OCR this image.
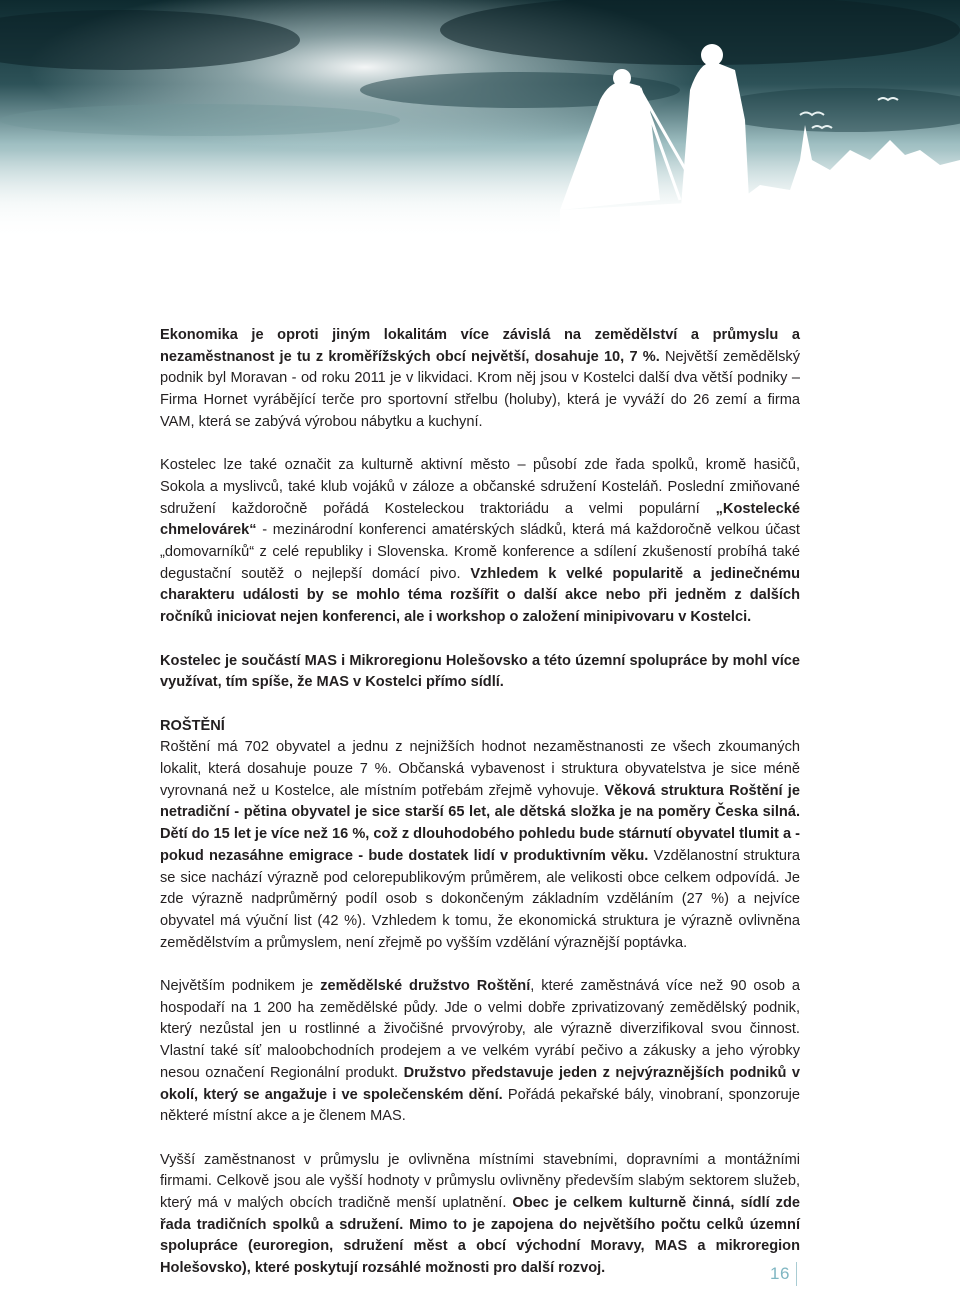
Ekonomika je oproti jiným lokalitám více závislá na zemědělství a průmyslu a nezaměstnanost je tu z kroměřížských obcí největší, dosahuje 10, 7 %. Největší zemědělský podnik byl Moravan - od roku 2011 je v likvidaci. Krom něj jsou v Kostelci další dva větší podniky – Firma Hornet vyrábějící terče pro sportovní střelbu (holuby), která je vyváží do 26 zemí a firma VAM, která se zabývá výrobou nábytku a kuchyní.

Kostelec lze také označit za kulturně aktivní město – působí zde řada spolků, kromě hasičů, Sokola a myslivců, také klub vojáků v záloze a občanské sdružení Kosteláň. Poslední zmiňované sdružení každoročně pořádá Kosteleckou traktoriádu a velmi populární „Kostelecké chmelovárek“ - mezinárodní konferenci amatérských sládků, která má každoročně velkou účast „domovarníků“ z celé republiky i Slovenska. Kromě konference a sdílení zkušeností probíhá také degustační soutěž o nejlepší domácí pivo. Vzhledem k velké popularitě a jedinečnému charakteru události by se mohlo téma rozšířit o další akce nebo při jedněm z dalších ročníků iniciovat nejen konferenci, ale i workshop o založení minipivovaru v Kostelci.

Kostelec je součástí MAS i Mikroregionu Holešovsko a této územní spolupráce by mohl více využívat, tím spíše, že MAS v Kostelci přímo sídlí.

ROŠTĚNÍ
Roštění má 702 obyvatel a jednu z nejnižších hodnot nezaměstnanosti ze všech zkoumaných lokalit, která dosahuje pouze 7 %. Občanská vybavenost i struktura obyvatelstva je sice méně vyrovnaná než u Kostelce, ale místním potřebám zřejmě vyhovuje. Věková struktura Roštění je netradiční - pětina obyvatel je sice starší 65 let, ale dětská složka je na poměry Česka silná. Dětí do 15 let je více než 16 %, což z dlouhodobého pohledu bude stárnutí obyvatel tlumit a - pokud nezasáhne emigrace - bude dostatek lidí v produktivním věku. Vzdělanostní struktura se sice nachází výrazně pod celorepublikovým průměrem, ale velikosti obce celkem odpovídá. Je zde výrazně nadprůměrný podíl osob s dokončeným základním vzděláním (27 %) a nejvíce obyvatel má výuční list (42 %). Vzhledem k tomu, že ekonomická struktura je výrazně ovlivněna zemědělstvím a průmyslem, není zřejmě po vyšším vzdělání výraznější poptávka.

Největším podnikem je zemědělské družstvo Roštění, které zaměstnává více než 90 osob a hospodaří na 1 200 ha zemědělské půdy. Jde o velmi dobře zprivatizovaný zemědělský podnik, který nezůstal jen u rostlinné a živočišné prvovýroby, ale výrazně diverzifikoval svou činnost. Vlastní také síť maloobchodních prodejem a ve velkém vyrábí pečivo a zákusky a jeho výrobky nesou označení Regionální produkt. Družstvo představuje jeden z nejvýraznějších podniků v okolí, který se angažuje i ve společenském dění. Pořádá pekařské bály, vinobraní, sponzoruje některé místní akce a je členem MAS.

Vyšší zaměstnanost v průmyslu je ovlivněna místními stavebními, dopravními a montážními firmami. Celkově jsou ale vyšší hodnoty v průmyslu ovlivněny především slabým sektorem služeb, který má v malých obcích tradičně menší uplatnění. Obec je celkem kulturně činná, sídlí zde řada tradičních spolků a sdružení. Mimo to je zapojena do největšího počtu celků územní spolupráce (euroregion, sdružení měst a obcí východní Moravy, MAS a mikroregion Holešovsko), které poskytují rozsáhlé možnosti pro další rozvoj.	16
